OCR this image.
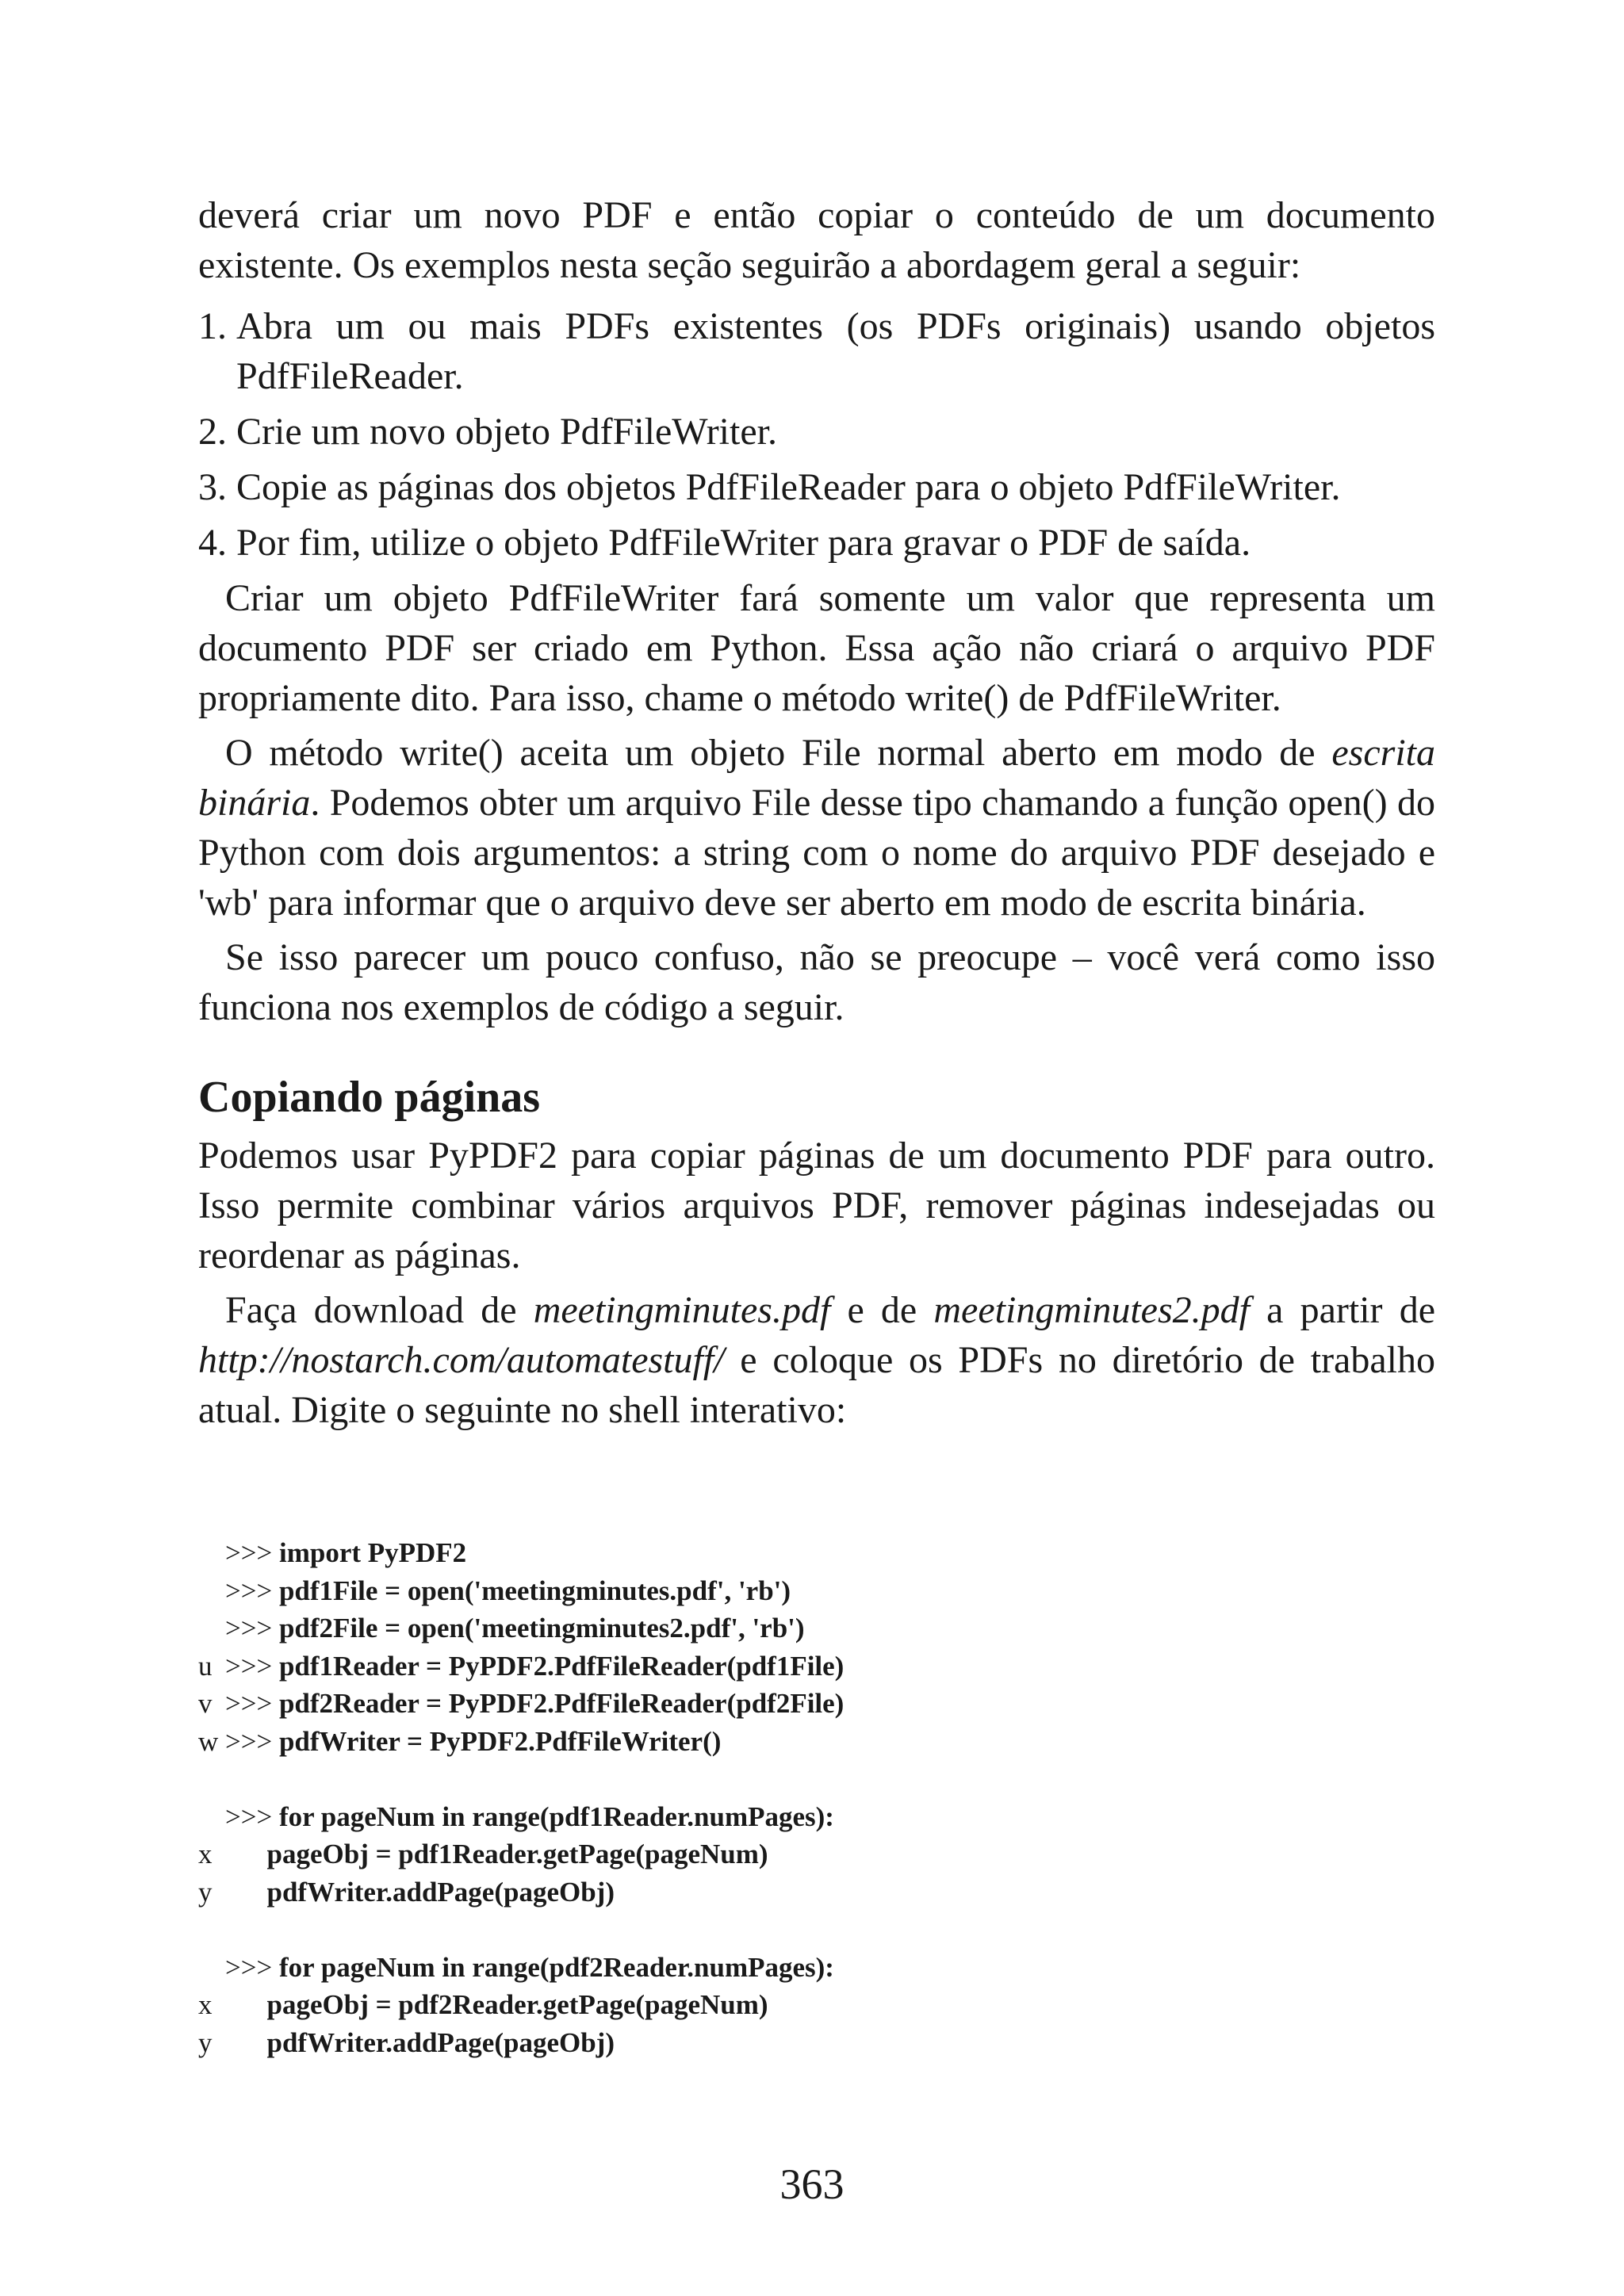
deverá criar um novo PDF e então copiar o conteúdo de um documento existente. Os exemplos nesta seção seguirão a abordagem geral a seguir:

1. Abra um ou mais PDFs existentes (os PDFs originais) usando objetos PdfFileReader.
2. Crie um novo objeto PdfFileWriter.
3. Copie as páginas dos objetos PdfFileReader para o objeto PdfFileWriter.
4. Por fim, utilize o objeto PdfFileWriter para gravar o PDF de saída.

Criar um objeto PdfFileWriter fará somente um valor que representa um documento PDF ser criado em Python. Essa ação não criará o arquivo PDF propriamente dito. Para isso, chame o método write() de PdfFileWriter.

O método write() aceita um objeto File normal aberto em modo de escrita binária. Podemos obter um arquivo File desse tipo chamando a função open() do Python com dois argumentos: a string com o nome do arquivo PDF desejado e 'wb' para informar que o arquivo deve ser aberto em modo de escrita binária.

Se isso parecer um pouco confuso, não se preocupe – você verá como isso funciona nos exemplos de código a seguir.

Copiando páginas

Podemos usar PyPDF2 para copiar páginas de um documento PDF para outro. Isso permite combinar vários arquivos PDF, remover páginas indesejadas ou reordenar as páginas.

Faça download de meetingminutes.pdf e de meetingminutes2.pdf a partir de http://nostarch.com/automatestuff/ e coloque os PDFs no diretório de trabalho atual. Digite o seguinte no shell interativo:

>>> import PyPDF2
>>> pdf1File = open('meetingminutes.pdf', 'rb')
>>> pdf2File = open('meetingminutes2.pdf', 'rb')
u >>> pdf1Reader = PyPDF2.PdfFileReader(pdf1File)
v >>> pdf2Reader = PyPDF2.PdfFileReader(pdf2File)
w >>> pdfWriter = PyPDF2.PdfFileWriter()
>>> for pageNum in range(pdf1Reader.numPages):
x
	pageObj = pdf1Reader.getPage(pageNum)
y
	pdfWriter.addPage(pageObj)
>>> for pageNum in range(pdf2Reader.numPages):
x
	pageObj = pdf2Reader.getPage(pageNum)
y
	pdfWriter.addPage(pageObj)
363
